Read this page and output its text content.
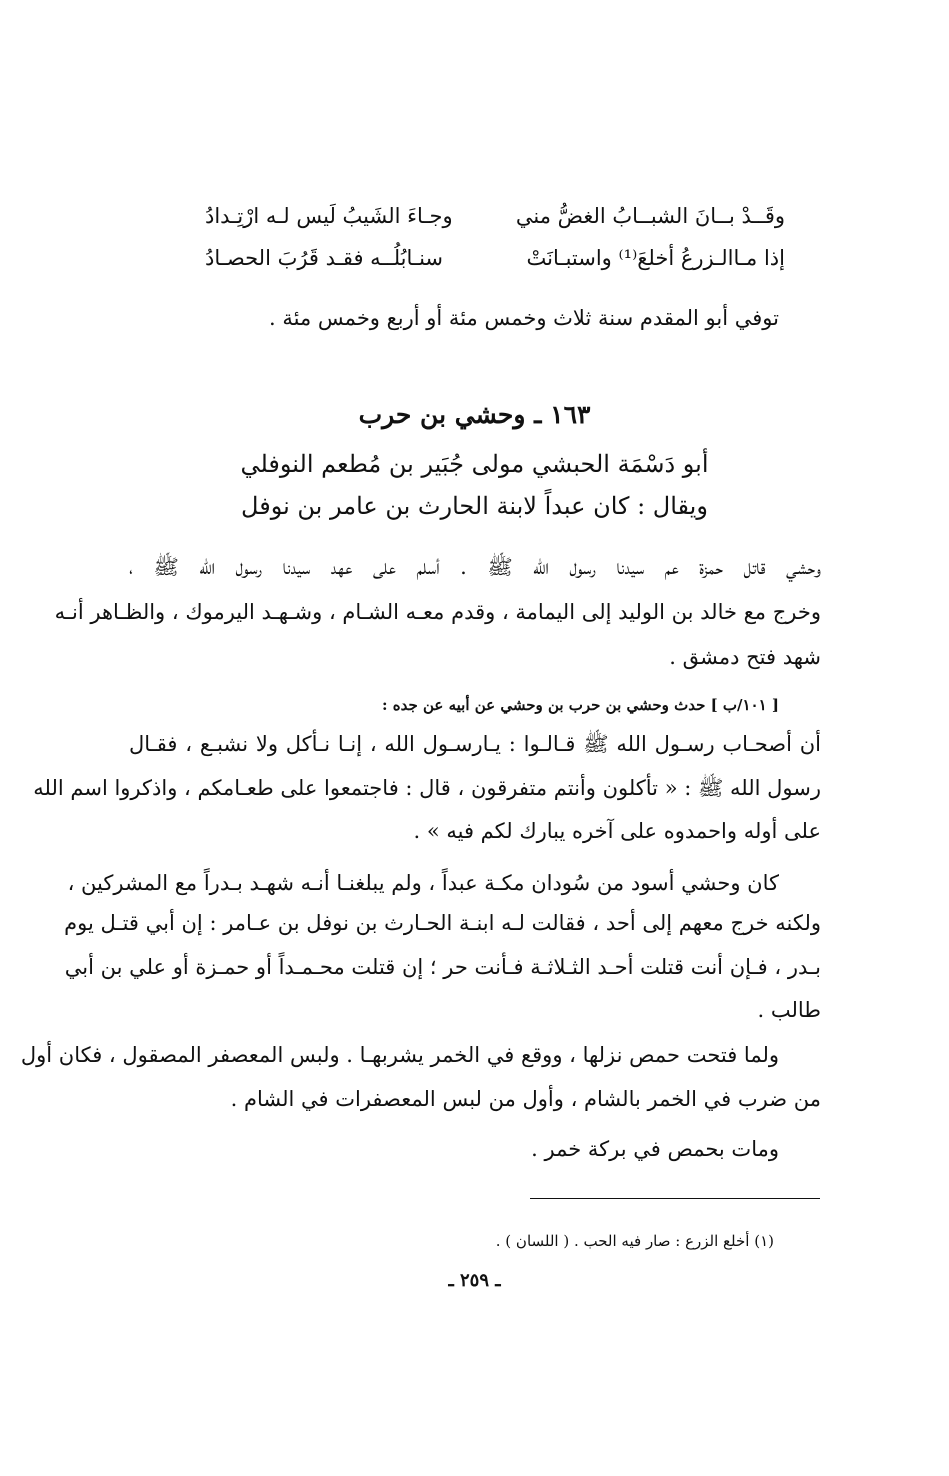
وقَــدْ بــانَ الشبــابُ الغضُّ مني
وجـاءَ الشَيبُ لَيس لـه ارْتِـدادُ
إذا مـاالـزرعُ أخلعَ⁽¹⁾ واستبـانَتْ
سنـابُلُــه فقـد قَرُبَ الحصـادُ
توفي أبو المقدم سنة ثلاث وخمس مئة أو أربع وخمس مئة .
١٦٣ ـ وحشي بن حرب
أبو دَسْمَة الحبشي مولى جُبَير بن مُطعم النوفلي
ويقال : كان عبداً لابنة الحارث بن عامر بن نوفل
وحشي قاتل حمزة عم سيدنا رسول الله ﷺ . أسلم على عهد سيدنا رسول الله ﷺ ،
وخرج مع خالد بن الوليد إلى اليمامة ، وقدم معـه الشـام ، وشـهـد اليرموك ، والظـاهر أنـه
شهد فتح دمشق .
[ ١٠١/ب ] حدث وحشي بن حرب بن وحشي عن أبيه عن جده :
أن أصحـاب رسـول الله ﷺ قـالـوا : يـارسـول الله ، إنـا نـأكل ولا نشبـع ، فقـال
رسول الله ﷺ : « تأكلون وأنتم متفرقون ، قال : فاجتمعوا على طعـامكم ، واذكروا اسم الله
على أوله واحمدوه على آخره يبارك لكم فيه » .
كان وحشي أسود من سُودان مكـة عبداً ، ولم يبلغنـا أنـه شهـد بـدراً مع المشركين ،
ولكنه خرج معهم إلى أحد ، فقالت لـه ابنـة الحـارث بن نوفل بن عـامر : إن أبي قتـل يوم
بـدر ، فـإن أنت قتلت أحـد الثـلاثـة فـأنت حر ؛ إن قتلت محـمـداً أو حمـزة أو علي بن أبي
طالب .
ولما فتحت حمص نزلها ، ووقع في الخمر يشربهـا . ولبس المعصفر المصقول ، فكان أول
من ضرب في الخمر بالشام ، وأول من لبس المعصفرات في الشام .
ومات بحمص في بركة خمر .
(١) أخلع الزرع : صار فيه الحب . ( اللسان ) .
ـ ٢٥٩ ـ
